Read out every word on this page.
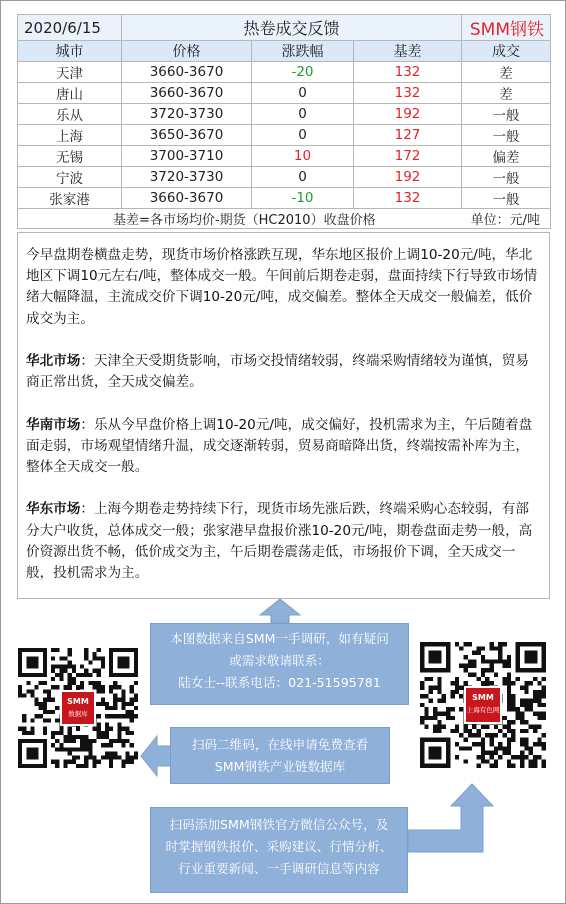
2020/6/15	热卷成交反馈			SMM钢铁
城市	价格	涨跌幅	基差	成交
天津	3660-3670	-20	132	差
唐山	3660-3670	0	132	差
乐从	3720-3730	0	192	一般
上海	3650-3670	0	127	一般
无锡	3700-3710	10	172	偏差
宁波	3720-3730	0	192	一般
张家港	3660-3670	-10	132	一般
基差=各市场均价-期货（HC2010）收盘价格 单位：元/吨				

今早盘期卷横盘走势，现货市场价格涨跌互现，华东地区报价上调10-20元/吨，华北地区下调10元左右/吨，整体成交一般。午间前后期卷走弱，盘面持续下行导致市场情绪大幅降温，主流成交价下调10-20元/吨，成交偏差。整体全天成交一般偏差，低价成交为主。

华北市场：天津全天受期货影响，市场交投情绪较弱，终端采购情绪较为谨慎，贸易商正常出货，全天成交偏差。

华南市场：乐从今早盘价格上调10-20元/吨，成交偏好，投机需求为主，午后随着盘面走弱，市场观望情绪升温，成交逐渐转弱，贸易商暗降出货，终端按需补库为主，整体全天成交一般。

华东市场：上海今期卷走势持续下行，现货市场先涨后跌，终端采购心态较弱，有部分大户收货，总体成交一般；张家港早盘报价涨10-20元/吨，期卷盘面走势一般，高价资源出货不畅，低价成交为主，午后期卷震荡走低，市场报价下调，全天成交一般，投机需求为主。

本图数据来自SMM一手调研，如有疑问
或需求敬请联系：
陆女士--联系电话：021-51595781
扫码二维码，在线申请免费查看
SMM钢铁产业链数据库
扫码添加SMM钢铁官方微信公众号，及
时掌握钢铁报价、采购建议、行情分析、
行业重要新闻、一手调研信息等内容
SMM
数据库
SMM
上海有色网
